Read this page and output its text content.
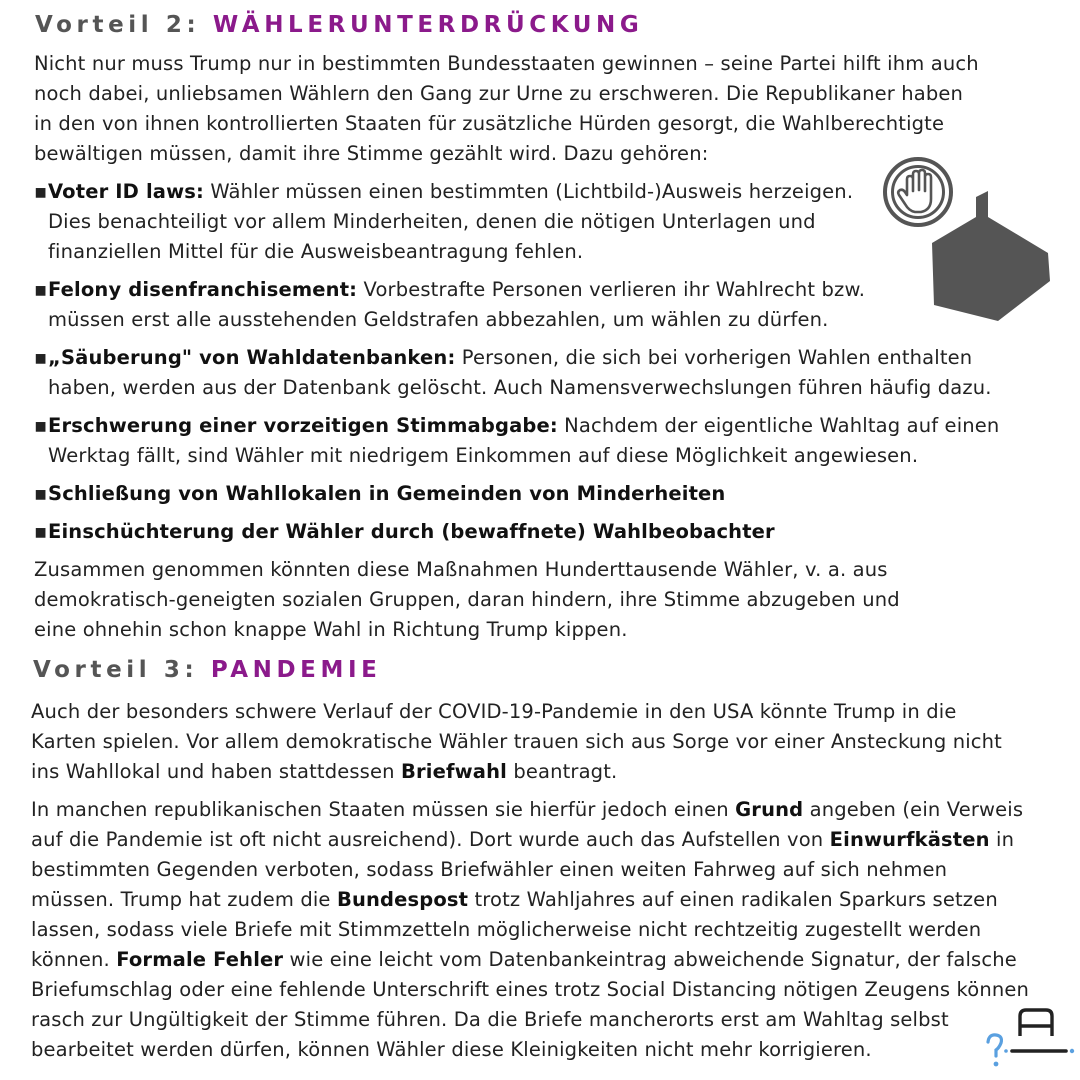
Vorteil 2: WÄHLERUNTERDRÜCKUNG
Nicht nur muss Trump nur in bestimmten Bundesstaaten gewinnen – seine Partei hilft ihm auch
noch dabei, unliebsamen Wählern den Gang zur Urne zu erschweren. Die Republikaner haben
in den von ihnen kontrollierten Staaten für zusätzliche Hürden gesorgt, die Wahlberechtigte
bewältigen müssen, damit ihre Stimme gezählt wird. Dazu gehören:
▪ Voter ID laws: Wähler müssen einen bestimmten (Lichtbild-)Ausweis herzeigen.
Dies benachteiligt vor allem Minderheiten, denen die nötigen Unterlagen und
finanziellen Mittel für die Ausweisbeantragung fehlen.
▪ Felony disenfranchisement: Vorbestrafte Personen verlieren ihr Wahlrecht bzw.
müssen erst alle ausstehenden Geldstrafen abbezahlen, um wählen zu dürfen.
▪ „Säuberung" von Wahldatenbanken: Personen, die sich bei vorherigen Wahlen enthalten
haben, werden aus der Datenbank gelöscht. Auch Namensverwechslungen führen häufig dazu.
▪ Erschwerung einer vorzeitigen Stimmabgabe: Nachdem der eigentliche Wahltag auf einen
Werktag fällt, sind Wähler mit niedrigem Einkommen auf diese Möglichkeit angewiesen.
▪ Schließung von Wahllokalen in Gemeinden von Minderheiten
▪ Einschüchterung der Wähler durch (bewaffnete) Wahlbeobachter
Zusammen genommen könnten diese Maßnahmen Hunderttausende Wähler, v. a. aus
demokratisch-geneigten sozialen Gruppen, daran hindern, ihre Stimme abzugeben und
eine ohnehin schon knappe Wahl in Richtung Trump kippen.
Vorteil 3: PANDEMIE
Auch der besonders schwere Verlauf der COVID-19-Pandemie in den USA könnte Trump in die
Karten spielen. Vor allem demokratische Wähler trauen sich aus Sorge vor einer Ansteckung nicht
ins Wahllokal und haben stattdessen Briefwahl beantragt.
In manchen republikanischen Staaten müssen sie hierfür jedoch einen Grund angeben (ein Verweis
auf die Pandemie ist oft nicht ausreichend). Dort wurde auch das Aufstellen von Einwurfkästen in
bestimmten Gegenden verboten, sodass Briefwähler einen weiten Fahrweg auf sich nehmen
müssen. Trump hat zudem die Bundespost trotz Wahljahres auf einen radikalen Sparkurs setzen
lassen, sodass viele Briefe mit Stimmzetteln möglicherweise nicht rechtzeitig zugestellt werden
können. Formale Fehler wie eine leicht vom Datenbankeintrag abweichende Signatur, der falsche
Briefumschlag oder eine fehlende Unterschrift eines trotz Social Distancing nötigen Zeugens können
rasch zur Ungültigkeit der Stimme führen. Da die Briefe mancherorts erst am Wahltag selbst
bearbeitet werden dürfen, können Wähler diese Kleinigkeiten nicht mehr korrigieren.
